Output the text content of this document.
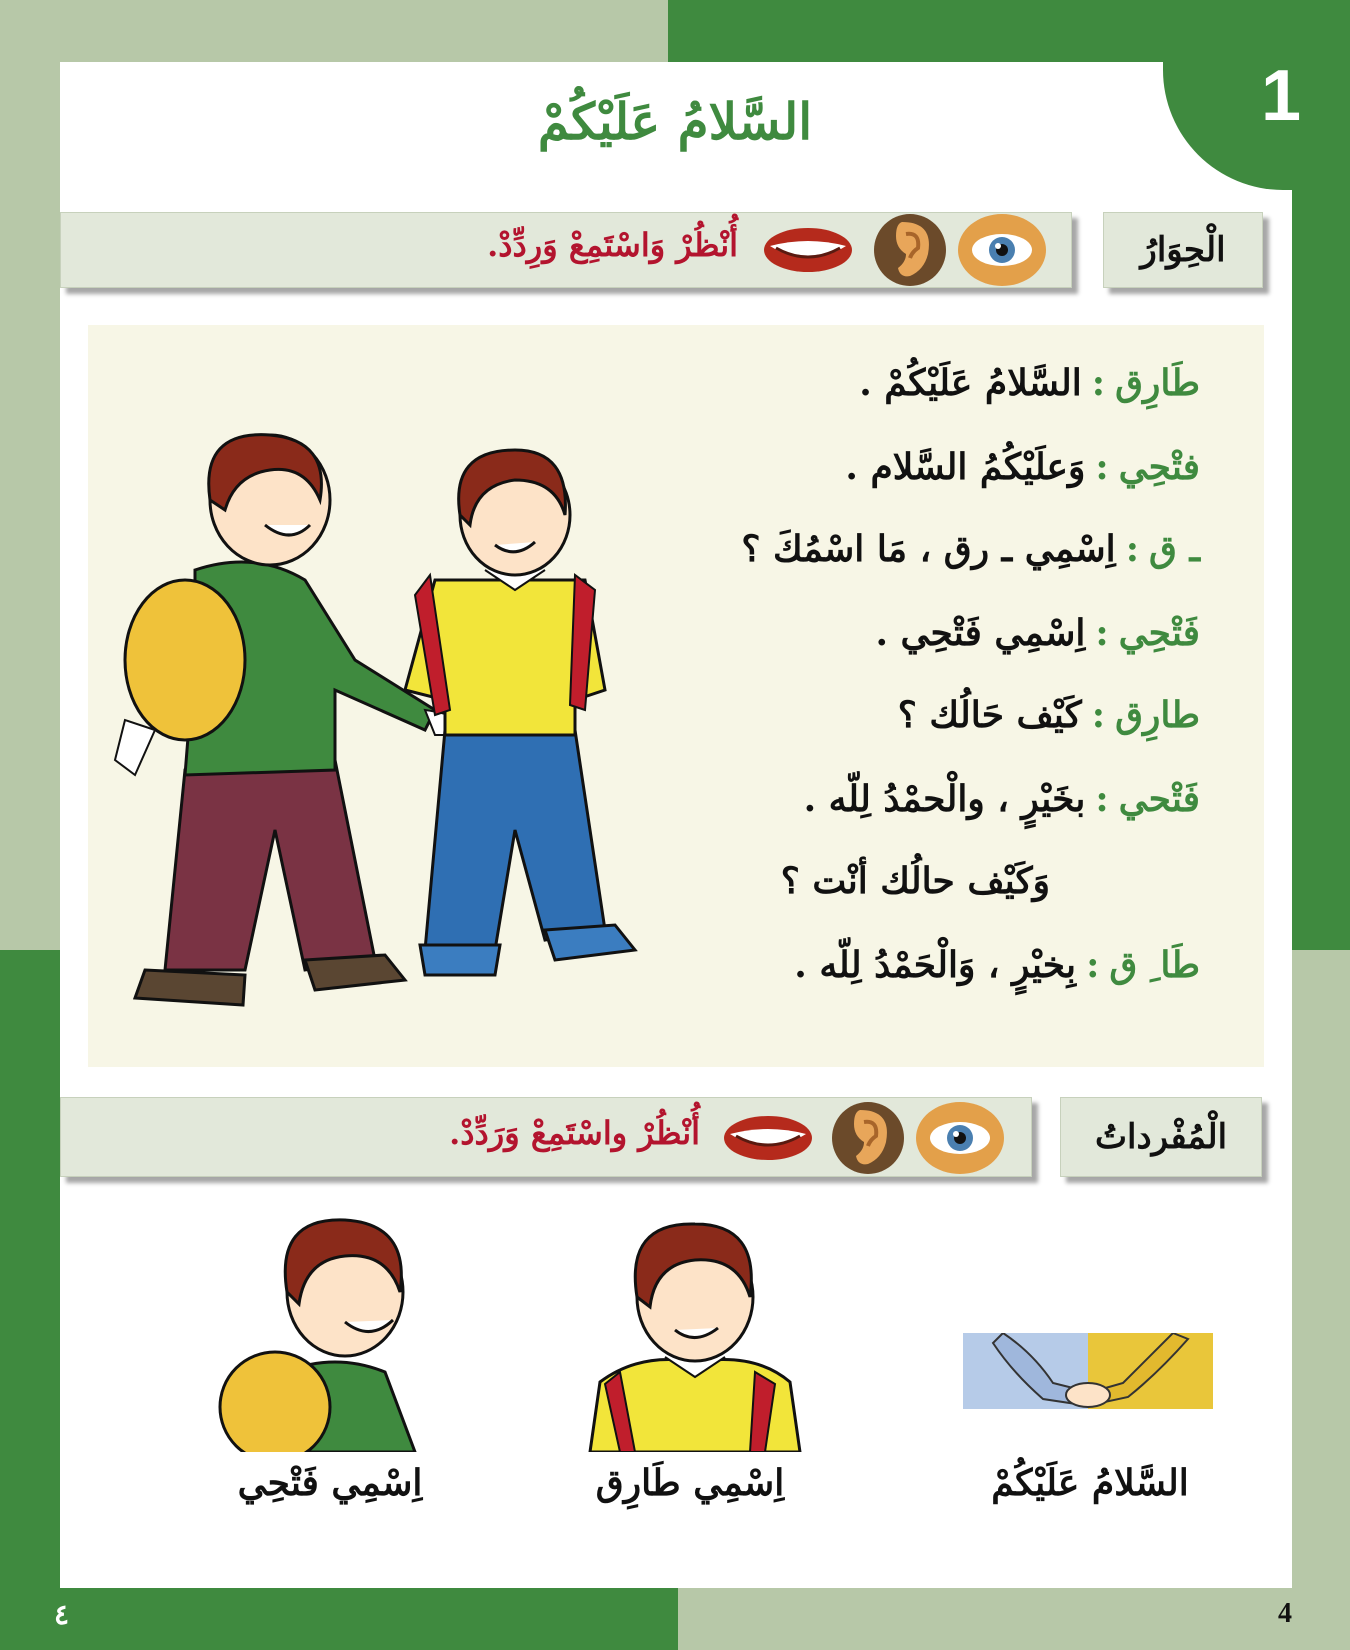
1
السَّلامُ عَلَيْكُمْ
الْحِوَارُ
أُنْظُرْ وَاسْتَمِعْ وَرِدِّدْ.
طَارِق:السَّلامُ عَلَيْكُمْ .
فتْحِي:وَعلَيْكُمُ السَّلام .
ـ ق:اِسْمِي ـ رق ، مَا اسْمُكَ ؟
فَتْحِي:اِسْمِي فَتْحِي .
طارِق:كَيْف حَالُك ؟
فَتْحي:بخَيْرٍ ، والْحمْدُ لِلّه .
وَكَيْف حالُك أنْت ؟
طَا ِ ق:بِخيْرٍ ، وَالْحَمْدُ لِلّه .
الْمُفْرداتُ
أُنْظُرْ واسْتَمِعْ وَرَدِّدْ.
السَّلامُ عَلَيْكُمْ
اِسْمِي طَارِق
اِسْمِي فَتْحِي
٤	4
